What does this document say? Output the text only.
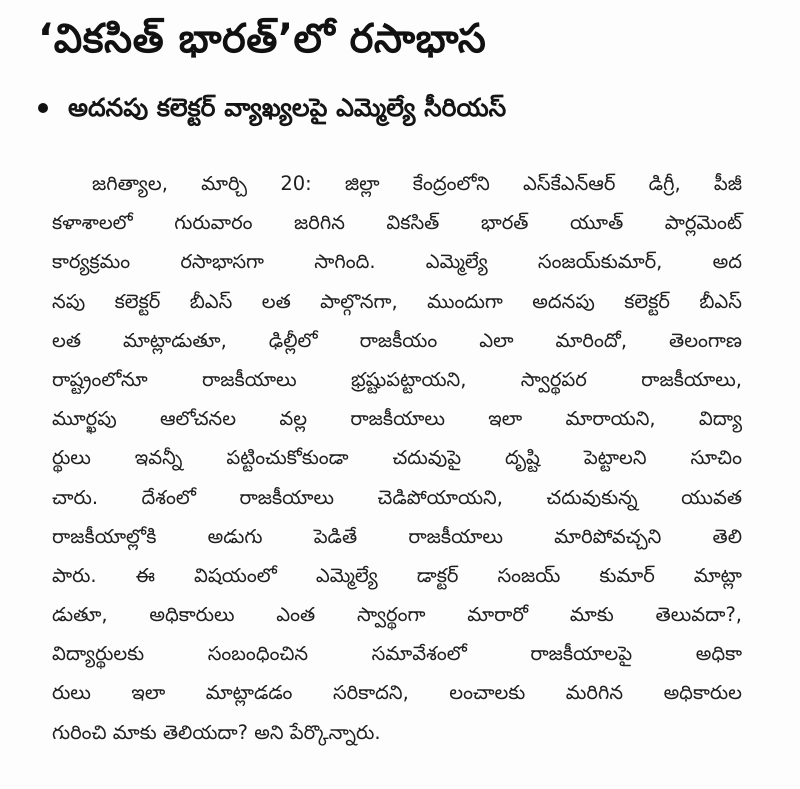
‘వికసిత్ భారత్’లో రసాభాస
అదనపు కలెక్టర్ వ్యాఖ్యలపై ఎమ్మెల్యే సీరియస్
జగిత్యాల, మార్చి 20: జిల్లా కేంద్రంలోని ఎస్‌కేఎన్‌ఆర్ డిగ్రీ, పీజీ
కళాశాలలో గురువారం జరిగిన వికసిత్ భారత్ యూత్ పార్లమెంట్
కార్యక్రమం రసాభాసగా సాగింది. ఎమ్మెల్యే సంజయ్‌కుమార్, అద
నపు కలెక్టర్ బీఎస్ లత పాల్గొనగా, ముందుగా అదనపు కలెక్టర్ బీఎస్
లత మాట్లాడుతూ, ఢిల్లీలో రాజకీయం ఎలా మారిందో, తెలంగాణ
రాష్ట్రంలోనూ రాజకీయాలు భ్రష్టుపట్టాయని, స్వార్థపర రాజకీయాలు,
మూర్ఖపు ఆలోచనల వల్ల రాజకీయాలు ఇలా మారాయని, విద్యా
ర్థులు ఇవన్నీ పట్టించుకోకుండా చదువుపై దృష్టి పెట్టాలని సూచిం
చారు. దేశంలో రాజకీయాలు చెడిపోయాయని, చదువుకున్న యువత
రాజకీయాల్లోకి అడుగు పెడితే రాజకీయాలు మారిపోవచ్చని తెలి
పారు. ఈ విషయంలో ఎమ్మెల్యే డాక్టర్ సంజయ్ కుమార్ మాట్లా
డుతూ, అధికారులు ఎంత స్వార్థంగా మారారో మాకు తెలువదా?,
విద్యార్థులకు సంబంధించిన సమావేశంలో రాజకీయాలపై అధికా
రులు ఇలా మాట్లాడడం సరికాదని, లంచాలకు మరిగిన అధికారుల
గురించి మాకు తెలియదా? అని పేర్కొన్నారు.
